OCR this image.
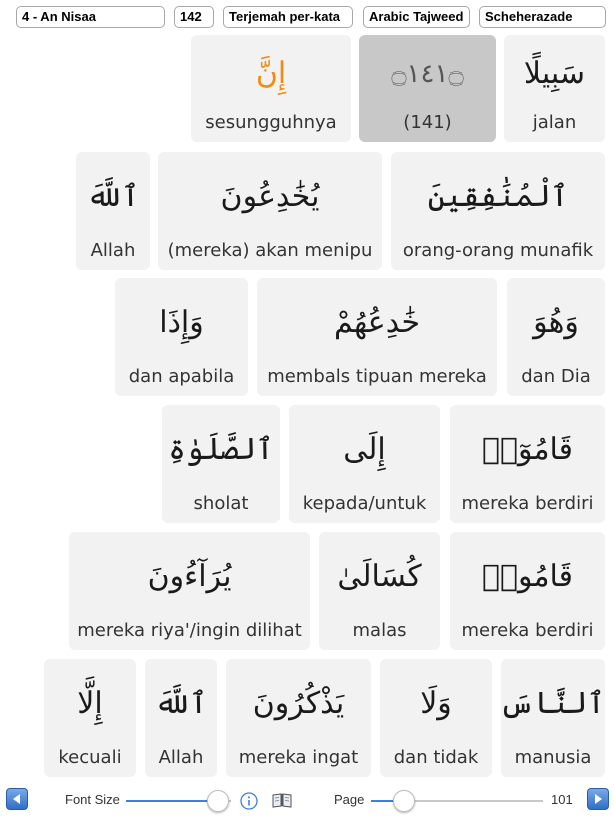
4 - An Nisaa	142	Terjemah per-kata	Arabic Tajweed	Scheherazade
سَبِيلًا
jalan
۝١٤١۝
(141)
إِنَّ
sesungguhnya
ٱلْمُنَٰفِقِينَ
orang-orang munafik
يُخَٰدِعُونَ
(mereka) akan menipu
ٱللَّهَ
Allah
وَهُوَ
dan Dia
خَٰدِعُهُمْ
membals tipuan mereka
وَإِذَا
dan apabila
قَامُوٓا۟
mereka berdiri
إِلَى
kepada/untuk
ٱلصَّلَوٰةِ
sholat
قَامُوا۟
mereka berdiri
كُسَالَىٰ
malas
يُرَآءُونَ
mereka riya'/ingin dilihat
ٱلنَّاسَ
manusia
وَلَا
dan tidak
يَذْكُرُونَ
mereka ingat
ٱللَّهَ
Allah
إِلَّا
kecuali
Font Size	Page	101
